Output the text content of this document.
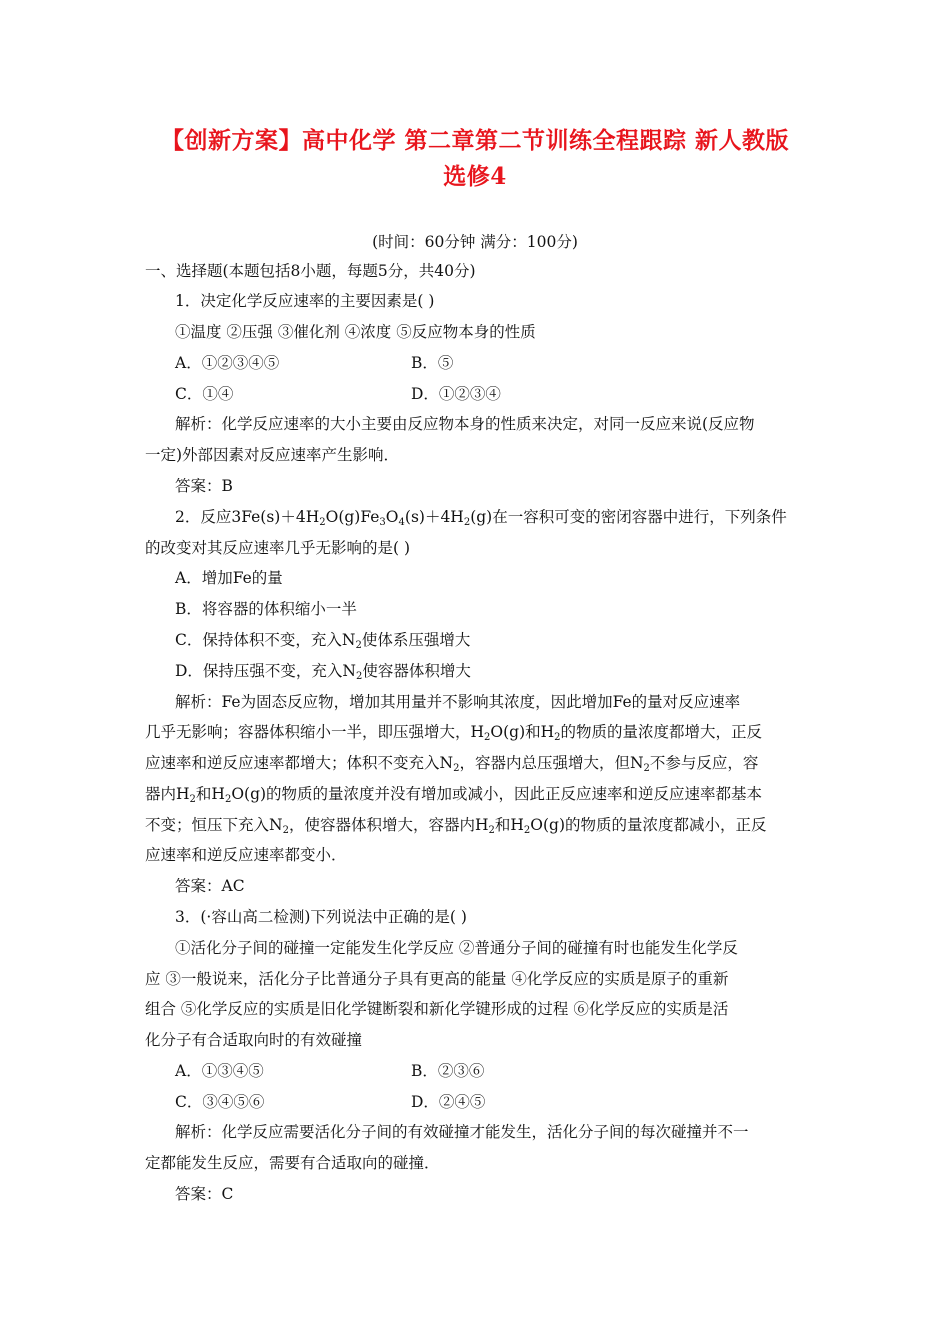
【创新方案】高中化学 第二章第二节训练全程跟踪 新人教版
选修4
(时间：60分钟 满分：100分)
一、选择题(本题包括8小题，每题5分，共40分)
1．决定化学反应速率的主要因素是( )
①温度 ②压强 ③催化剂 ④浓度 ⑤反应物本身的性质
A．①②③④⑤	B．⑤
C．①④	D．①②③④
解析：化学反应速率的大小主要由反应物本身的性质来决定，对同一反应来说(反应物
一定)外部因素对反应速率产生影响．
答案：B
2．反应$3Fe(s)+4H_2O(g)Fe_3O_4(s)+4H_2(g)$在一容积可变的密闭容器中进行，下列条件
的改变对其反应速率几乎无影响的是( )
A．增加Fe的量
B．将容器的体积缩小一半
C．保持体积不变，充入$N_2$使体系压强增大
D．保持压强不变，充入$N_2$使容器体积增大
解析：Fe为固态反应物，增加其用量并不影响其浓度，因此增加Fe的量对反应速率
几乎无影响；容器体积缩小一半，即压强增大，$H_2O(g)$和$H_2$的物质的量浓度都增大，正反
应速率和逆反应速率都增大；体积不变充入$N_2$，容器内总压强增大，但$N_2$不参与反应，容
器内$H_2$和$H_2O(g)$的物质的量浓度并没有增加或减小，因此正反应速率和逆反应速率都基本
不变；恒压下充入$N_2$，使容器体积增大，容器内$H_2$和$H_2O(g)$的物质的量浓度都减小，正反
应速率和逆反应速率都变小．
答案：AC
3．(·容山高二检测)下列说法中正确的是( )
①活化分子间的碰撞一定能发生化学反应 ②普通分子间的碰撞有时也能发生化学反
应 ③一般说来，活化分子比普通分子具有更高的能量 ④化学反应的实质是原子的重新
组合 ⑤化学反应的实质是旧化学键断裂和新化学键形成的过程 ⑥化学反应的实质是活
化分子有合适取向时的有效碰撞
A．①③④⑤	B．②③⑥
C．③④⑤⑥	D．②④⑤
解析：化学反应需要活化分子间的有效碰撞才能发生，活化分子间的每次碰撞并不一
定都能发生反应，需要有合适取向的碰撞．
答案：C
